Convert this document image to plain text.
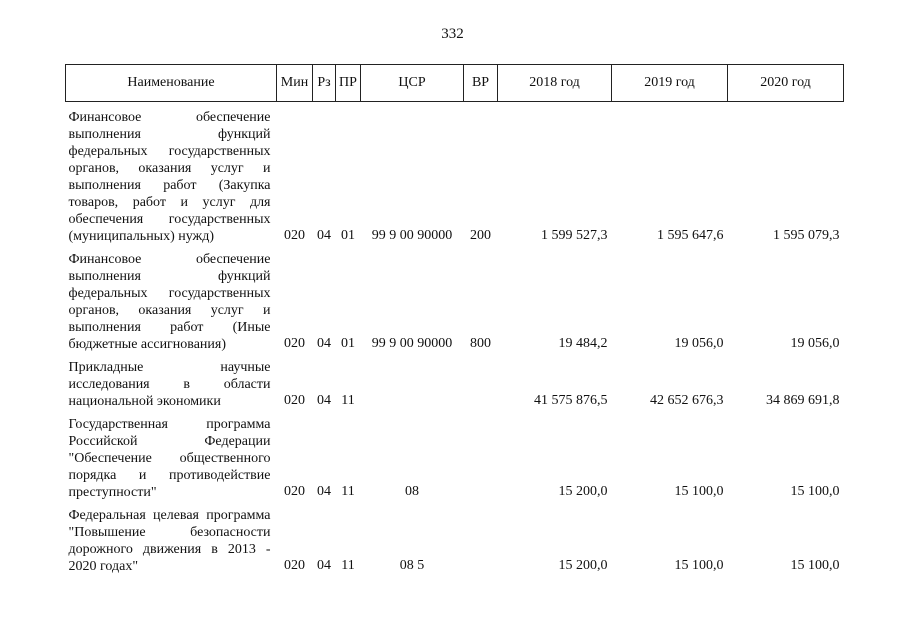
332
Наименование	Мин	Рз	ПР	ЦСР	ВР	2018 год	2019 год	2020 год
Финансовое обеспечение выполнения функций федеральных государственных органов, оказания услуг и выполнения работ (Закупка товаров, работ и услуг для обеспечения государственных (муниципальных) нужд)	020	04	01	99 9 00 90000	200	1 599 527,3	1 595 647,6	1 595 079,3
Финансовое обеспечение выполнения функций федеральных государственных органов, оказания услуг и выполнения работ (Иные бюджетные ассигнования)	020	04	01	99 9 00 90000	800	19 484,2	19 056,0	19 056,0
Прикладные научные исследования в области национальной экономики	020	04	11			41 575 876,5	42 652 676,3	34 869 691,8
Государственная программа Российской Федерации "Обеспечение общественного порядка и противодействие преступности"	020	04	11	08		15 200,0	15 100,0	15 100,0
Федеральная целевая программа "Повышение безопасности дорожного движения в 2013 - 2020 годах"	020	04	11	08 5		15 200,0	15 100,0	15 100,0
